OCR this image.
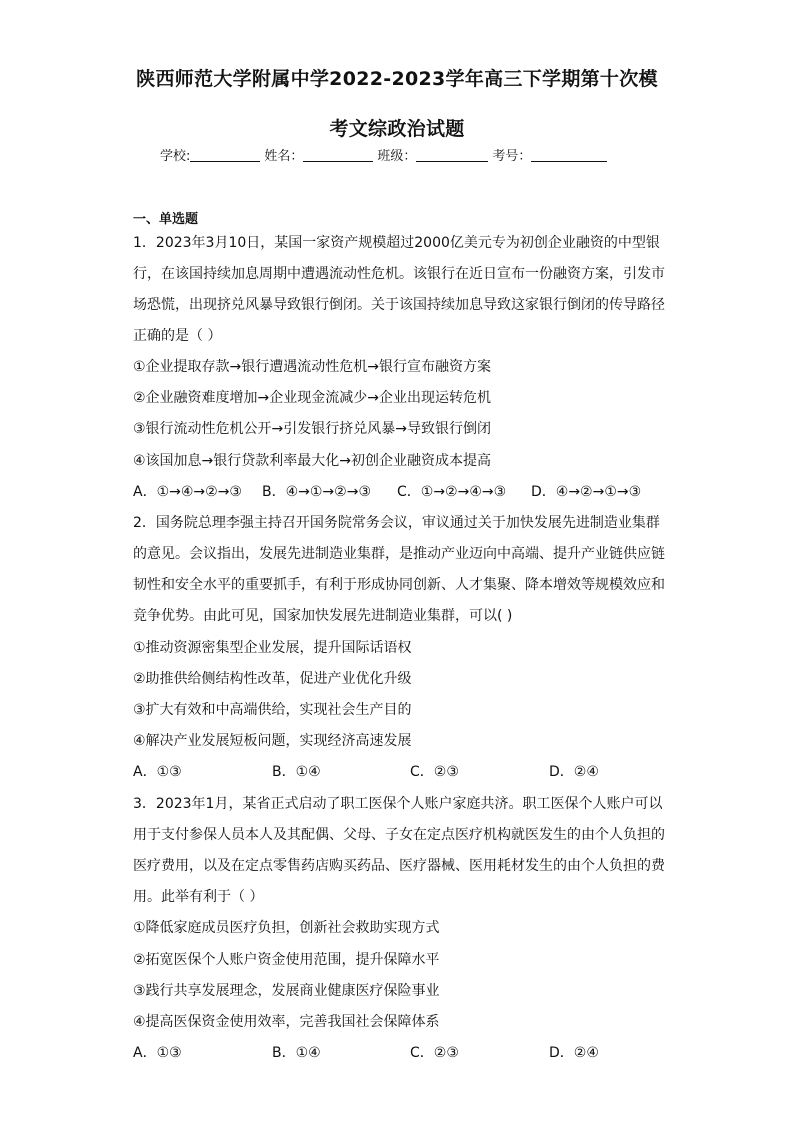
陕西师范大学附属中学2022-2023学年高三下学期第十次模
考文综政治试题
学校:	姓名：	班级：	考号：
一、单选题
1．2023年3月10日，某国一家资产规模超过2000亿美元专为初创企业融资的中型银
行，在该国持续加息周期中遭遇流动性危机。该银行在近日宣布一份融资方案，引发市
场恐慌，出现挤兑风暴导致银行倒闭。关于该国持续加息导致这家银行倒闭的传导路径
正确的是（ ）
①企业提取存款→银行遭遇流动性危机→银行宣布融资方案
②企业融资难度增加→企业现金流减少→企业出现运转危机
③银行流动性危机公开→引发银行挤兑风暴→导致银行倒闭
④该国加息→银行贷款利率最大化→初创企业融资成本提高
A．①→④→②→③ B．④→①→②→③ C．①→②→④→③ D．④→②→①→③
2．国务院总理李强主持召开国务院常务会议，审议通过关于加快发展先进制造业集群
的意见。会议指出，发展先进制造业集群，是推动产业迈向中高端、提升产业链供应链
韧性和安全水平的重要抓手，有利于形成协同创新、人才集聚、降本增效等规模效应和
竞争优势。由此可见，国家加快发展先进制造业集群，可以( )
①推动资源密集型企业发展，提升国际话语权
②助推供给侧结构性改革，促进产业优化升级
③扩大有效和中高端供给，实现社会生产目的
④解决产业发展短板问题，实现经济高速发展
A．①③	B．①④	C．②③	D．②④
3．2023年1月，某省正式启动了职工医保个人账户家庭共济。职工医保个人账户可以
用于支付参保人员本人及其配偶、父母、子女在定点医疗机构就医发生的由个人负担的
医疗费用，以及在定点零售药店购买药品、医疗器械、医用耗材发生的由个人负担的费
用。此举有利于（ ）
①降低家庭成员医疗负担，创新社会救助实现方式
②拓宽医保个人账户资金使用范围，提升保障水平
③践行共享发展理念，发展商业健康医疗保险事业
④提高医保资金使用效率，完善我国社会保障体系
A．①③	B．①④	C．②③	D．②④
